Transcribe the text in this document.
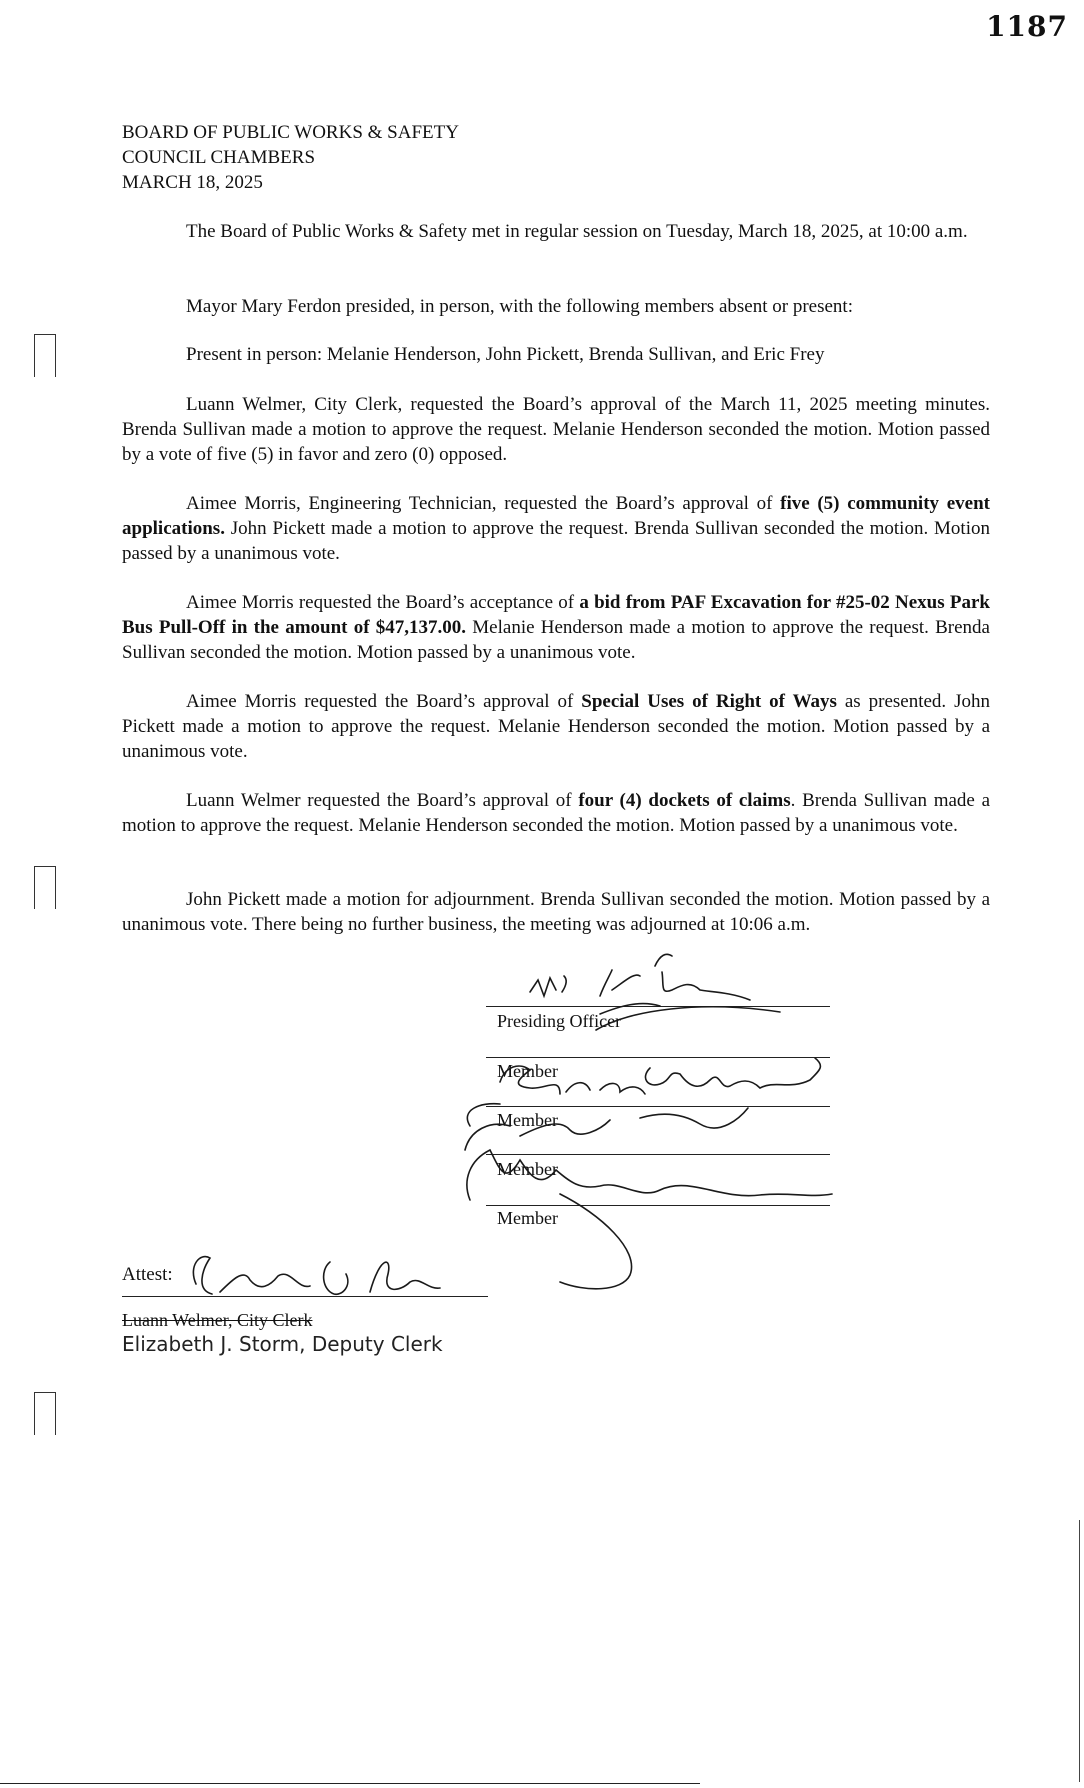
1187
BOARD OF PUBLIC WORKS & SAFETY
COUNCIL CHAMBERS
MARCH 18, 2025

The Board of Public Works & Safety met in regular session on Tuesday, March 18, 2025, at 10:00 a.m.

Mayor Mary Ferdon presided, in person, with the following members absent or present:

Present in person: Melanie Henderson, John Pickett, Brenda Sullivan, and Eric Frey

Luann Welmer, City Clerk, requested the Board’s approval of the March 11, 2025 meeting minutes. Brenda Sullivan made a motion to approve the request. Melanie Henderson seconded the motion. Motion passed by a vote of five (5) in favor and zero (0) opposed.

Aimee Morris, Engineering Technician, requested the Board’s approval of five (5) community event applications. John Pickett made a motion to approve the request. Brenda Sullivan seconded the motion. Motion passed by a unanimous vote.

Aimee Morris requested the Board’s acceptance of a bid from PAF Excavation for #25-02 Nexus Park Bus Pull-Off in the amount of $47,137.00. Melanie Henderson made a motion to approve the request. Brenda Sullivan seconded the motion. Motion passed by a unanimous vote.

Aimee Morris requested the Board’s approval of Special Uses of Right of Ways as presented. John Pickett made a motion to approve the request. Melanie Henderson seconded the motion. Motion passed by a unanimous vote.

Luann Welmer requested the Board’s approval of four (4) dockets of claims. Brenda Sullivan made a motion to approve the request. Melanie Henderson seconded the motion. Motion passed by a unanimous vote.

John Pickett made a motion for adjournment. Brenda Sullivan seconded the motion. Motion passed by a unanimous vote. There being no further business, the meeting was adjourned at 10:06 a.m.

Presiding Officer
Member
Member
Member
Member
Attest:
Luann Welmer, City Clerk
Elizabeth J. Storm, Deputy Clerk
